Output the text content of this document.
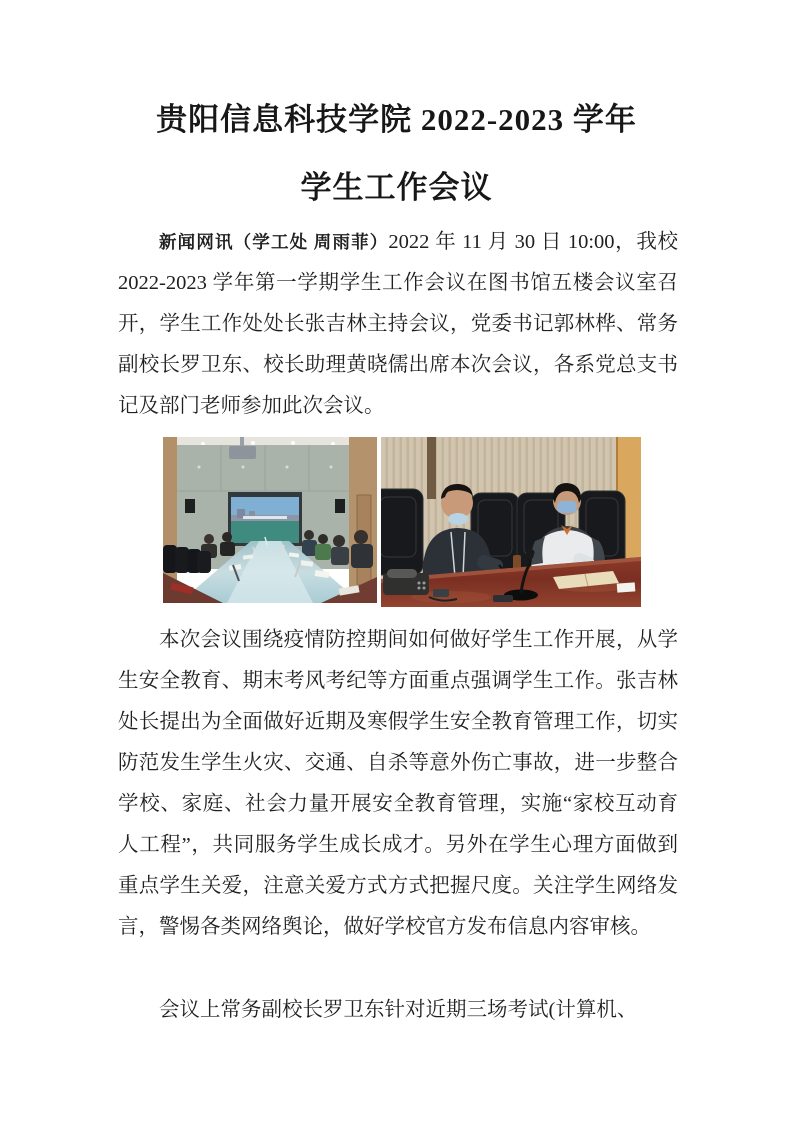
贵阳信息科技学院 2022-2023 学年
学生工作会议

新闻网讯（学工处 周雨菲）2022 年 11 月 30 日 10:00，我校 2022-2023 学年第一学期学生工作会议在图书馆五楼会议室召开，学生工作处处长张吉林主持会议，党委书记郭林桦、常务副校长罗卫东、校长助理黄晓儒出席本次会议，各系党总支书记及部门老师参加此次会议。

本次会议围绕疫情防控期间如何做好学生工作开展，从学生安全教育、期末考风考纪等方面重点强调学生工作。张吉林处长提出为全面做好近期及寒假学生安全教育管理工作，切实防范发生学生火灾、交通、自杀等意外伤亡事故，进一步整合学校、家庭、社会力量开展安全教育管理，实施“家校互动育人工程”，共同服务学生成长成才。另外在学生心理方面做到重点学生关爱，注意关爱方式方式把握尺度。关注学生网络发言，警惕各类网络舆论，做好学校官方发布信息内容审核。

会议上常务副校长罗卫东针对近期三场考试(计算机、
